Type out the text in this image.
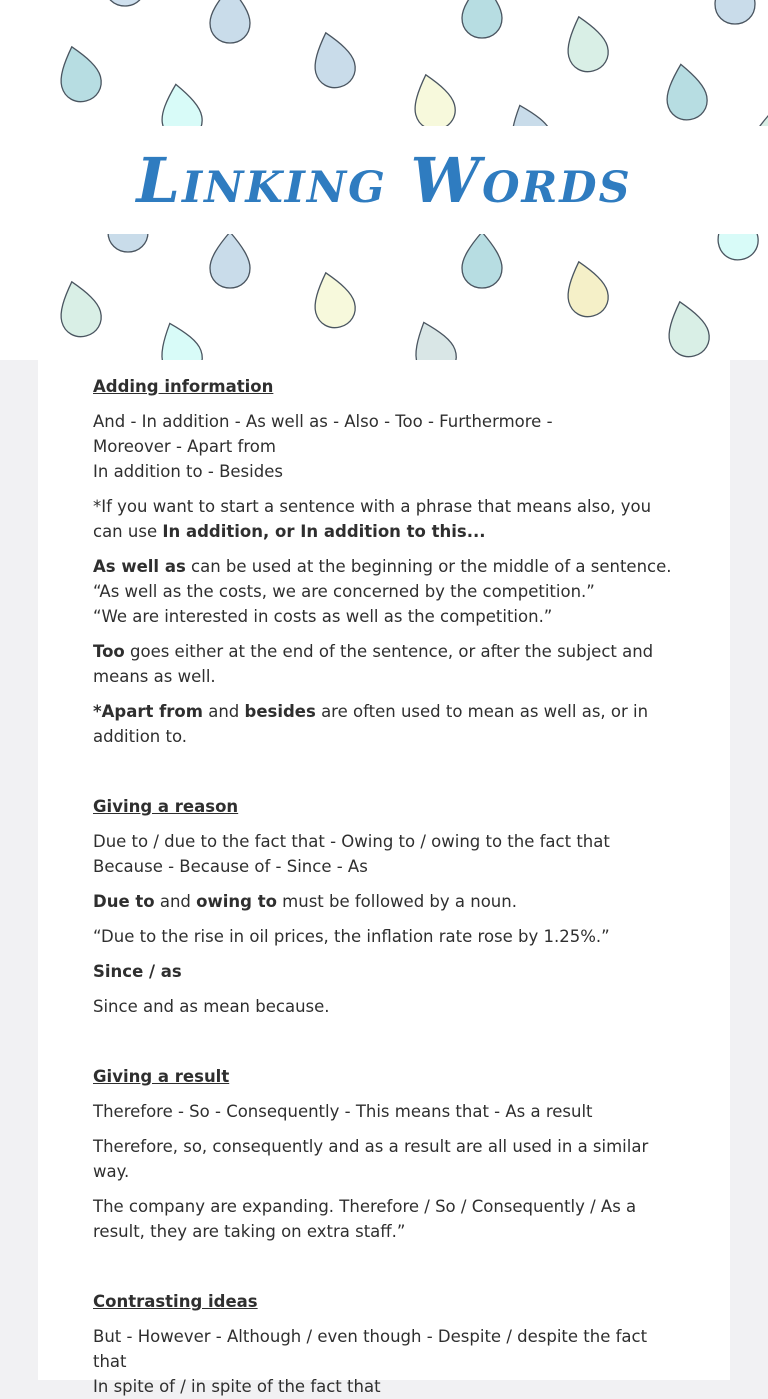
Linking Words
Adding information

And - In addition - As well as - Also - Too - Furthermore -
Moreover - Apart from
In addition to - Besides

*If you want to start a sentence with a phrase that means also, you can use In addition, or In addition to this...

As well as can be used at the beginning or the middle of a sentence.
“As well as the costs, we are concerned by the competition.”
“We are interested in costs as well as the competition.”

Too goes either at the end of the sentence, or after the subject and means as well.

*Apart from and besides are often used to mean as well as, or in addition to.

Giving a reason

Due to / due to the fact that - Owing to / owing to the fact that
Because - Because of - Since - As

Due to and owing to must be followed by a noun.

“Due to the rise in oil prices, the inflation rate rose by 1.25%.”

Since / as

Since and as mean because.

Giving a result

Therefore - So - Consequently - This means that - As a result

Therefore, so, consequently and as a result are all used in a similar way.

The company are expanding. Therefore / So / Consequently / As a result, they are taking on extra staff.”

Contrasting ideas

But - However - Although / even though - Despite / despite the fact that
In spite of / in spite of the fact that
